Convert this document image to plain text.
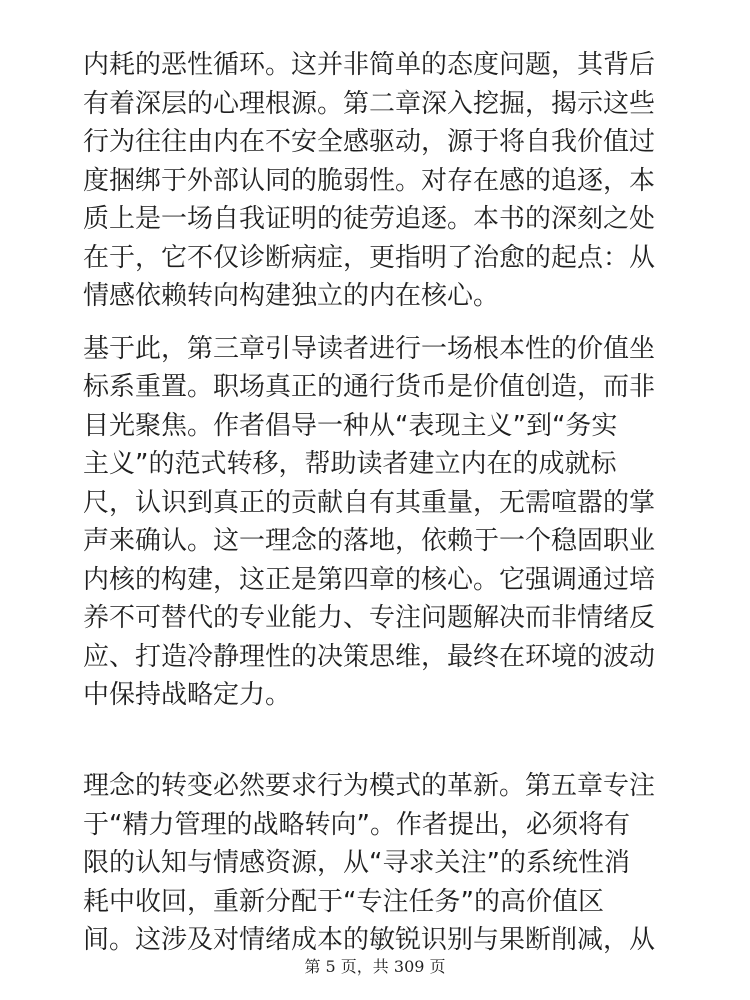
内耗的恶性循环。这并非简单的态度问题，其背后
有着深层的心理根源。第二章深入挖掘，揭示这些
行为往往由内在不安全感驱动，源于将自我价值过
度捆绑于外部认同的脆弱性。对存在感的追逐，本
质上是一场自我证明的徒劳追逐。本书的深刻之处
在于，它不仅诊断病症，更指明了治愈的起点：从
情感依赖转向构建独立的内在核心。
基于此，第三章引导读者进行一场根本性的价值坐
标系重置。职场真正的通行货币是价值创造，而非
目光聚焦。作者倡导一种从“表现主义”到“务实
主义”的范式转移，帮助读者建立内在的成就标
尺，认识到真正的贡献自有其重量，无需喧嚣的掌
声来确认。这一理念的落地，依赖于一个稳固职业
内核的构建，这正是第四章的核心。它强调通过培
养不可替代的专业能力、专注问题解决而非情绪反
应、打造冷静理性的决策思维，最终在环境的波动
中保持战略定力。
理念的转变必然要求行为模式的革新。第五章专注
于“精力管理的战略转向”。作者提出，必须将有
限的认知与情感资源，从“寻求关注”的系统性消
耗中收回，重新分配于“专注任务”的高价值区
间。这涉及对情绪成本的敏锐识别与果断削减，从
第 5 页，共 309 页
